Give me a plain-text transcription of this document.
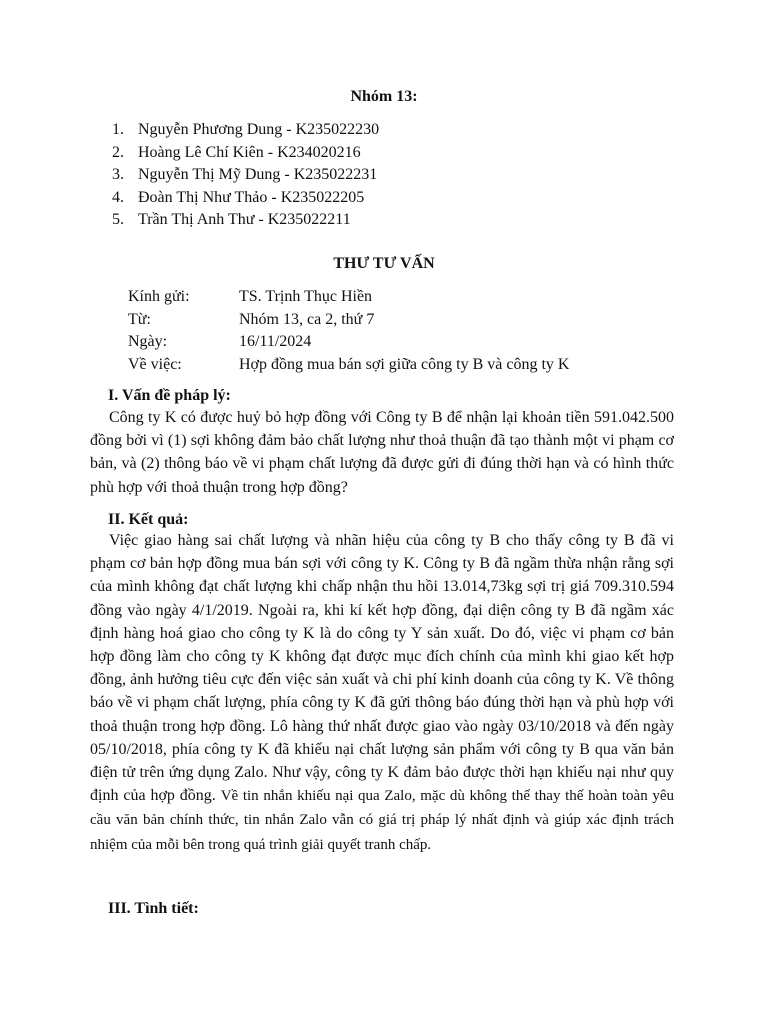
Nhóm 13:
1. Nguyễn Phương Dung - K235022230
2. Hoàng Lê Chí Kiên - K234020216
3. Nguyễn Thị Mỹ Dung - K235022231
4. Đoàn Thị Như Thảo - K235022205
5. Trần Thị Anh Thư - K235022211
THƯ TƯ VẤN
Kính gửi:	TS. Trịnh Thục Hiền
Từ:	Nhóm 13, ca 2, thứ 7
Ngày:	16/11/2024
Về việc:	Hợp đồng mua bán sợi giữa công ty B và công ty K
I. Vấn đề pháp lý:

Công ty K có được huỷ bỏ hợp đồng với Công ty B để nhận lại khoản tiền 591.042.500 đồng bởi vì (1) sợi không đảm bảo chất lượng như thoả thuận đã tạo thành một vi phạm cơ bản, và (2) thông báo về vi phạm chất lượng đã được gửi đi đúng thời hạn và có hình thức phù hợp với thoả thuận trong hợp đồng?

II. Kết quả:

Việc giao hàng sai chất lượng và nhãn hiệu của công ty B cho thấy công ty B đã vi phạm cơ bản hợp đồng mua bán sợi với công ty K. Công ty B đã ngầm thừa nhận rằng sợi của mình không đạt chất lượng khi chấp nhận thu hồi 13.014,73kg sợi trị giá 709.310.594 đồng vào ngày 4/1/2019. Ngoài ra, khi kí kết hợp đồng, đại diện công ty B đã ngầm xác định hàng hoá giao cho công ty K là do công ty Y sản xuất. Do đó, việc vi phạm cơ bản hợp đồng làm cho công ty K không đạt được mục đích chính của mình khi giao kết hợp đồng, ảnh hưởng tiêu cực đến việc sản xuất và chi phí kinh doanh của công ty K. Về thông báo về vi phạm chất lượng, phía công ty K đã gửi thông báo đúng thời hạn và phù hợp với thoả thuận trong hợp đồng. Lô hàng thứ nhất được giao vào ngày 03/10/2018 và đến ngày 05/10/2018, phía công ty K đã khiếu nại chất lượng sản phẩm với công ty B qua văn bản điện tử trên ứng dụng Zalo. Như vậy, công ty K đảm bảo được thời hạn khiếu nại như quy định của hợp đồng. Về tin nhắn khiếu nại qua Zalo, mặc dù không thể thay thế hoàn toàn yêu cầu văn bản chính thức, tin nhắn Zalo vẫn có giá trị pháp lý nhất định và giúp xác định trách nhiệm của mỗi bên trong quá trình giải quyết tranh chấp.

III. Tình tiết:
